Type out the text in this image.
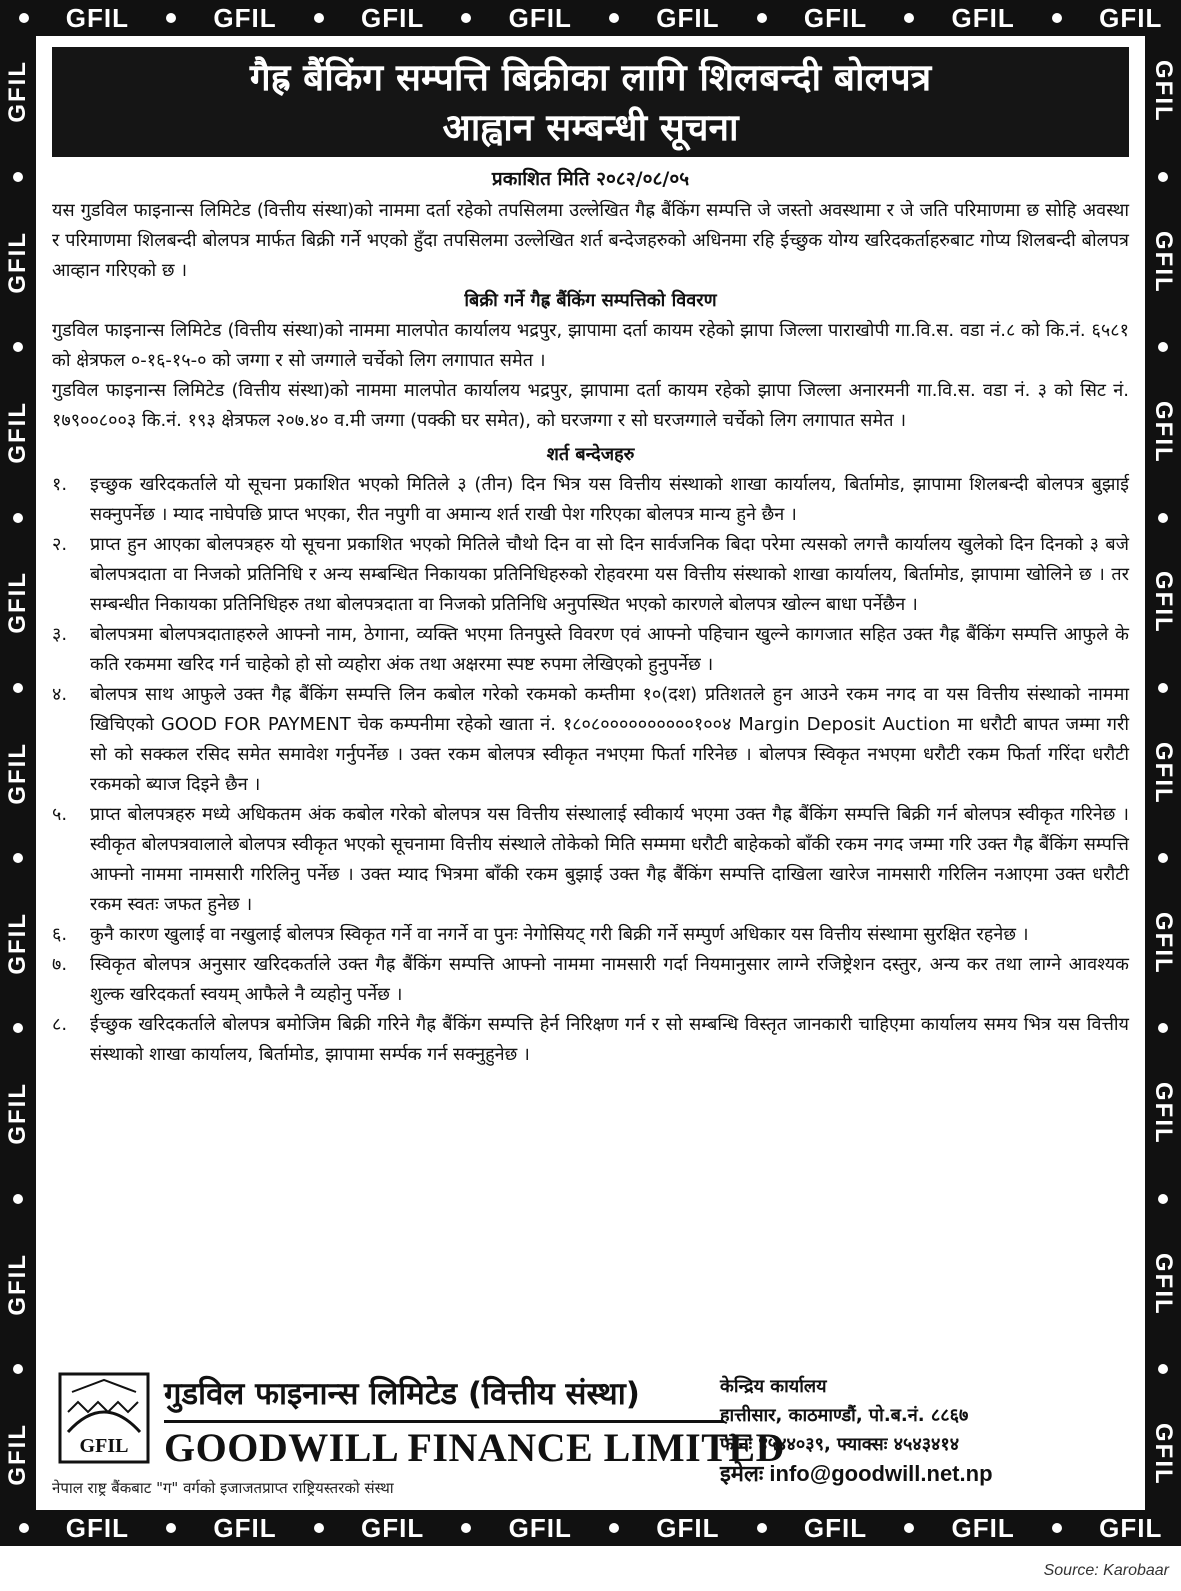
GFIL	GFIL	GFIL	GFIL	GFIL	GFIL	GFIL	GFIL
GFIL
GFIL
GFIL
GFIL
GFIL
GFIL
GFIL
GFIL
GFIL
GFIL
GFIL
GFIL
GFIL
GFIL
GFIL
GFIL
GFIL
GFIL
GFIL	GFIL	GFIL	GFIL	GFIL	GFIL	GFIL	GFIL
गैह्र बैंकिंग सम्पत्ति बिक्रीका लागि शिलबन्दी बोलपत्र
आह्वान सम्बन्धी सूचना
प्रकाशित मिति २०८२/०८/०५

यस गुडविल फाइनान्स लिमिटेड (वित्तीय संस्था)को नाममा दर्ता रहेको तपसिलमा उल्लेखित गैह्र बैंकिंग सम्पत्ति जे जस्तो अवस्थामा र जे जति परिमाणमा छ सोहि अवस्था र परिमाणमा शिलबन्दी बोलपत्र मार्फत बिक्री गर्ने भएको हुँदा तपसिलमा उल्लेखित शर्त बन्देजहरुको अधिनमा रहि ईच्छुक योग्य खरिदकर्ताहरुबाट गोप्य शिलबन्दी बोलपत्र आव्हान गरिएको छ ।

बिक्री गर्ने गैह्र बैंकिंग सम्पत्तिको विवरण

गुडविल फाइनान्स लिमिटेड (वित्तीय संस्था)को नाममा मालपोत कार्यालय भद्रपुर, झापामा दर्ता कायम रहेको झापा जिल्ला पाराखोपी गा.वि.स. वडा नं.८ को कि.नं. ६५८१ को क्षेत्रफल ०-१६-१५-० को जग्गा र सो जग्गाले चर्चेको लिग लगापात समेत ।

गुडविल फाइनान्स लिमिटेड (वित्तीय संस्था)को नाममा मालपोत कार्यालय भद्रपुर, झापामा दर्ता कायम रहेको झापा जिल्ला अनारमनी गा.वि.स. वडा नं. ३ को सिट नं. १७९००८००३ कि.नं. १९३ क्षेत्रफल २०७.४० व.मी जग्गा (पक्की घर समेत), को घरजग्गा र सो घरजग्गाले चर्चेको लिग लगापात समेत ।

शर्त बन्देजहरु
१.	इच्छुक खरिदकर्ताले यो सूचना प्रकाशित भएको मितिले ३ (तीन) दिन भित्र यस वित्तीय संस्थाको शाखा कार्यालय, बिर्तामोड, झापामा शिलबन्दी बोलपत्र बुझाई सक्नुपर्नेछ । म्याद नाघेपछि प्राप्त भएका, रीत नपुगी वा अमान्य शर्त राखी पेश गरिएका बोलपत्र मान्य हुने छैन ।
२.	प्राप्त हुन आएका बोलपत्रहरु यो सूचना प्रकाशित भएको मितिले चौथो दिन वा सो दिन सार्वजनिक बिदा परेमा त्यसको लगत्तै कार्यालय खुलेको दिन दिनको ३ बजे बोलपत्रदाता वा निजको प्रतिनिधि र अन्य सम्बन्धित निकायका प्रतिनिधिहरुको रोहवरमा यस वित्तीय संस्थाको शाखा कार्यालय, बिर्तामोड, झापामा खोलिने छ । तर सम्बन्धीत निकायका प्रतिनिधिहरु तथा बोलपत्रदाता वा निजको प्रतिनिधि अनुपस्थित भएको कारणले बोलपत्र खोल्न बाधा पर्नेछैन ।
३.	बोलपत्रमा बोलपत्रदाताहरुले आफ्नो नाम, ठेगाना, व्यक्ति भएमा तिनपुस्ते विवरण एवं आफ्नो पहिचान खुल्ने कागजात सहित उक्त गैह्र बैंकिंग सम्पत्ति आफुले के कति रकममा खरिद गर्न चाहेको हो सो व्यहोरा अंक तथा अक्षरमा स्पष्ट रुपमा लेखिएको हुनुपर्नेछ ।
४.	बोलपत्र साथ आफुले उक्त गैह्र बैंकिंग सम्पत्ति लिन कबोल गरेको रकमको कम्तीमा १०(दश) प्रतिशतले हुन आउने रकम नगद वा यस वित्तीय संस्थाको नाममा खिचिएको GOOD FOR PAYMENT चेक कम्पनीमा रहेको खाता नं. १८०८००००००००००१००४ Margin Deposit Auction मा धरौटी बापत जम्मा गरी सो को सक्कल रसिद समेत समावेश गर्नुपर्नेछ । उक्त रकम बोलपत्र स्वीकृत नभएमा फिर्ता गरिनेछ । बोलपत्र स्विकृत नभएमा धरौटी रकम फिर्ता गरिंदा धरौटी रकमको ब्याज दिइने छैन ।
५.	प्राप्त बोलपत्रहरु मध्ये अधिकतम अंक कबोल गरेको बोलपत्र यस वित्तीय संस्थालाई स्वीकार्य भएमा उक्त गैह्र बैंकिंग सम्पत्ति बिक्री गर्न बोलपत्र स्वीकृत गरिनेछ । स्वीकृत बोलपत्रवालाले बोलपत्र स्वीकृत भएको सूचनामा वित्तीय संस्थाले तोकेको मिति सम्ममा धरौटी बाहेकको बाँकी रकम नगद जम्मा गरि उक्त गैह्र बैंकिंग सम्पत्ति आफ्नो नाममा नामसारी गरिलिनु पर्नेछ । उक्त म्याद भित्रमा बाँकी रकम बुझाई उक्त गैह्र बैंकिंग सम्पत्ति दाखिला खारेज नामसारी गरिलिन नआएमा उक्त धरौटी रकम स्वतः जफत हुनेछ ।
६.	कुनै कारण खुलाई वा नखुलाई बोलपत्र स्विकृत गर्ने वा नगर्ने वा पुनः नेगोसियट् गरी बिक्री गर्ने सम्पुर्ण अधिकार यस वित्तीय संस्थामा सुरक्षित रहनेछ ।
७.	स्विकृत बोलपत्र अनुसार खरिदकर्ताले उक्त गैह्र बैंकिंग सम्पत्ति आफ्नो नाममा नामसारी गर्दा नियमानुसार लाग्ने रजिष्ट्रेशन दस्तुर, अन्य कर तथा लाग्ने आवश्यक शुल्क खरिदकर्ता स्वयम् आफैले नै व्यहोनु पर्नेछ ।
८.	ईच्छुक खरिदकर्ताले बोलपत्र बमोजिम बिक्री गरिने गैह्र बैंकिंग सम्पत्ति हेर्न निरिक्षण गर्न र सो सम्बन्धि विस्तृत जानकारी चाहिएमा कार्यालय समय भित्र यस वित्तीय संस्थाको शाखा कार्यालय, बिर्तामोड, झापामा सर्म्पक गर्न सक्नुहुनेछ ।
GFIL
गुडविल फाइनान्स लिमिटेड (वित्तीय संस्था)
GOODWILL FINANCE LIMITED
नेपाल राष्ट्र बैंकबाट "ग" वर्गको इजाजतप्राप्त राष्ट्रियस्तरको संस्था
केन्द्रिय कार्यालय
हात्तीसार, काठमाण्डौं, पो.ब.नं. ८८६७
फोनः ४५४४०३९, फ्याक्सः ४५४३४१४
इमेलः info@goodwill.net.np
Source: Karobaar
